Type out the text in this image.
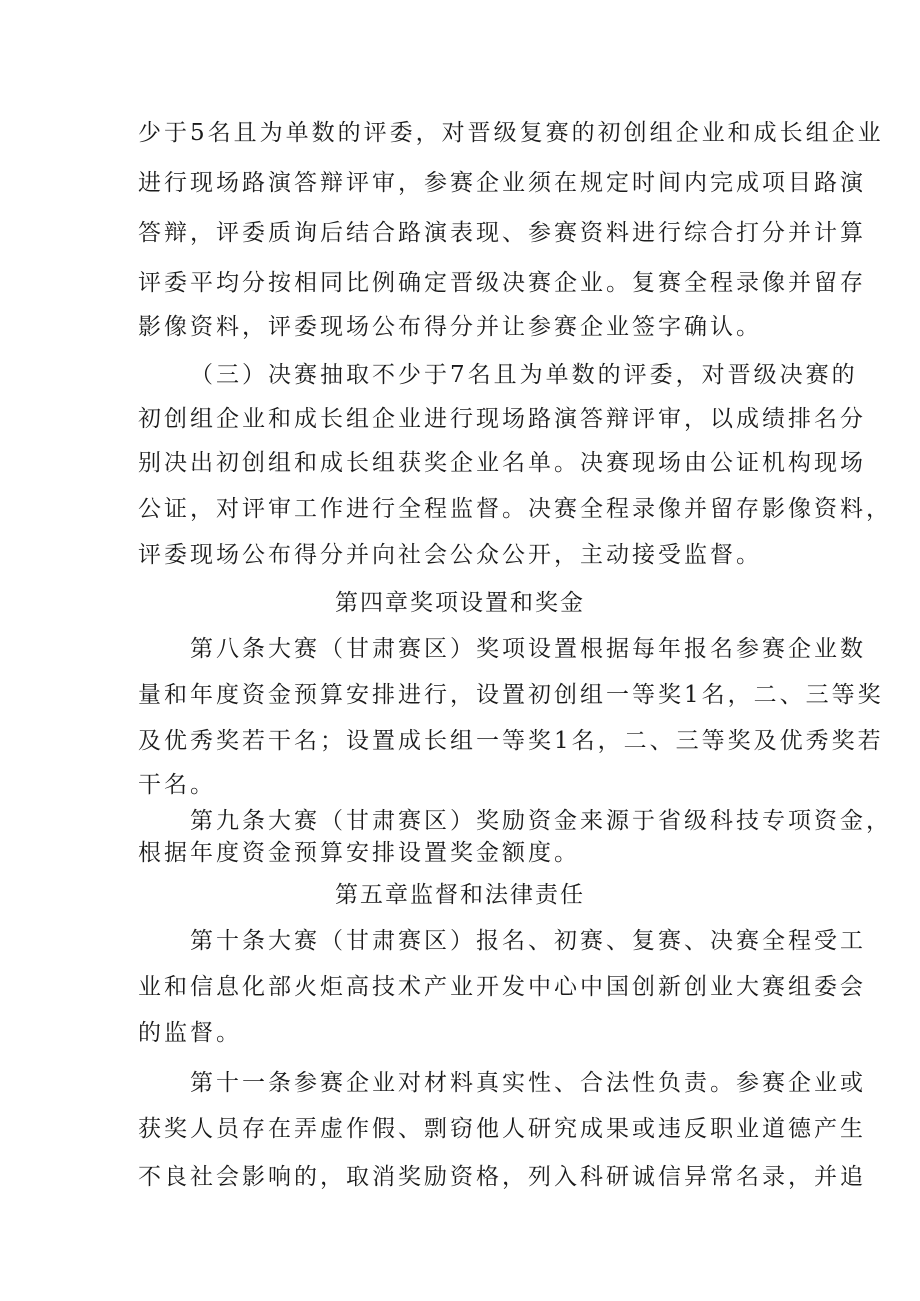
少于5名且为单数的评委，对晋级复赛的初创组企业和成长组企业
进行现场路演答辩评审，参赛企业须在规定时间内完成项目路演
答辩，评委质询后结合路演表现、参赛资料进行综合打分并计算
评委平均分按相同比例确定晋级决赛企业。复赛全程录像并留存
影像资料，评委现场公布得分并让参赛企业签字确认。
（三）决赛抽取不少于7名且为单数的评委，对晋级决赛的
初创组企业和成长组企业进行现场路演答辩评审，以成绩排名分
别决出初创组和成长组获奖企业名单。决赛现场由公证机构现场
公证，对评审工作进行全程监督。决赛全程录像并留存影像资料，
评委现场公布得分并向社会公众公开，主动接受监督。
第四章奖项设置和奖金
第八条大赛（甘肃赛区）奖项设置根据每年报名参赛企业数
量和年度资金预算安排进行，设置初创组一等奖1名，二、三等奖
及优秀奖若干名；设置成长组一等奖1名，二、三等奖及优秀奖若
干名。
第九条大赛（甘肃赛区）奖励资金来源于省级科技专项资金，
根据年度资金预算安排设置奖金额度。
第五章监督和法律责任
第十条大赛（甘肃赛区）报名、初赛、复赛、决赛全程受工
业和信息化部火炬高技术产业开发中心中国创新创业大赛组委会
的监督。
第十一条参赛企业对材料真实性、合法性负责。参赛企业或
获奖人员存在弄虚作假、剽窃他人研究成果或违反职业道德产生
不良社会影响的，取消奖励资格，列入科研诚信异常名录，并追
